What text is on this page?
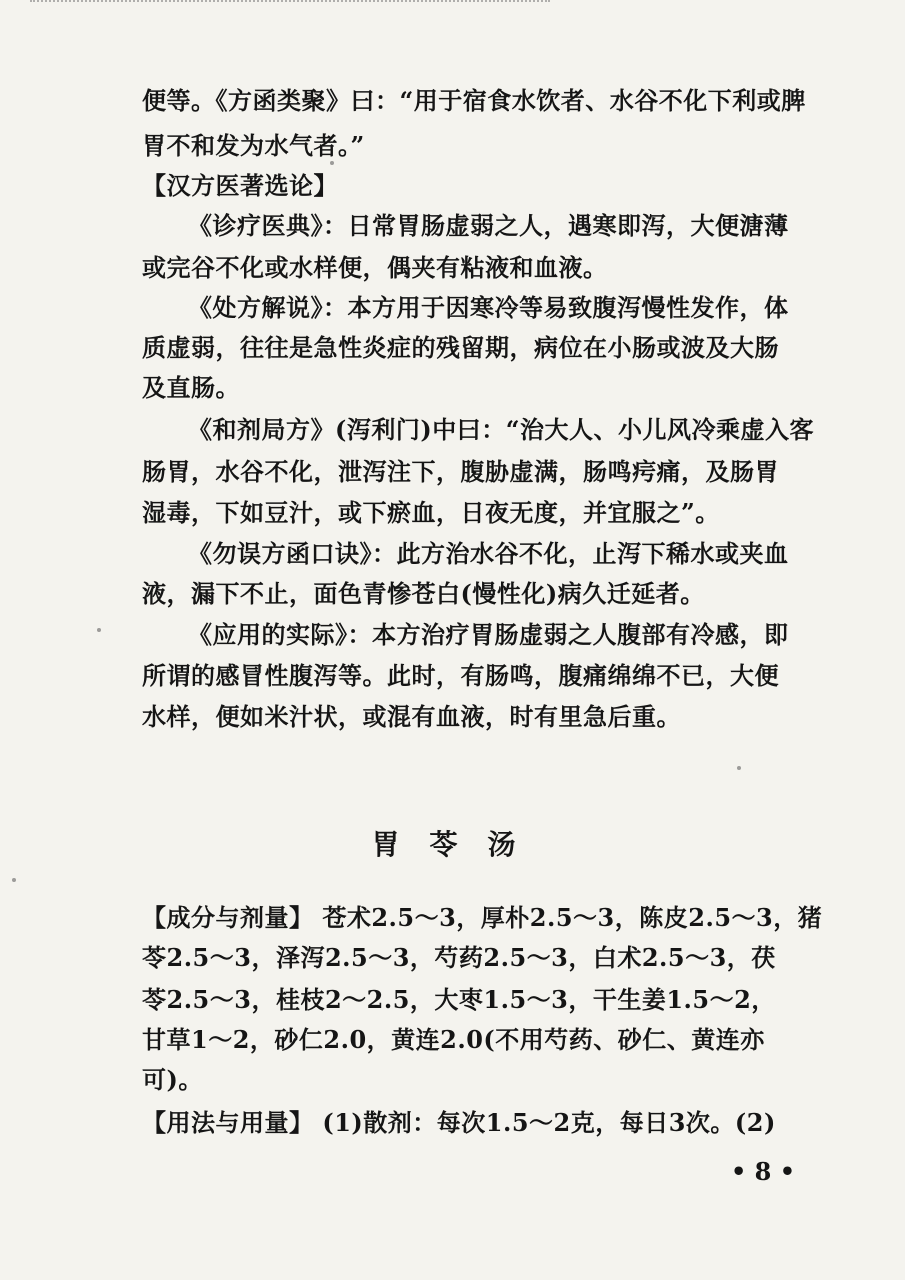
便等。《方函类聚》曰：“用于宿食水饮者、水谷不化下利或脾
胃不和发为水气者。”
【汉方医著选论】
《诊疗医典》：日常胃肠虚弱之人，遇寒即泻，大便溏薄
或完谷不化或水样便，偶夹有粘液和血液。
《处方解说》：本方用于因寒冷等易致腹泻慢性发作，体
质虚弱，往往是急性炎症的残留期，病位在小肠或波及大肠
及直肠。
《和剂局方》(泻利门)中曰：“治大人、小儿风冷乘虚入客
肠胃，水谷不化，泄泻注下，腹胁虚满，肠鸣疞痛，及肠胃
湿毒，下如豆汁，或下瘀血，日夜无度，并宜服之”。
《勿误方函口诀》：此方治水谷不化，止泻下稀水或夹血
液，漏下不止，面色青惨苍白(慢性化)病久迁延者。
《应用的实际》：本方治疗胃肠虚弱之人腹部有冷感，即
所谓的感冒性腹泻等。此时，有肠鸣，腹痛绵绵不已，大便
水样，便如米汁状，或混有血液，时有里急后重。
胃苓汤
【成分与剂量】 苍术2.5～3，厚朴2.5～3，陈皮2.5～3，猪
苓2.5～3，泽泻2.5～3，芍药2.5～3，白术2.5～3，茯
苓2.5～3，桂枝2～2.5，大枣1.5～3，干生姜1.5～2，
甘草1～2，砂仁2.0，黄连2.0(不用芍药、砂仁、黄连亦
可)。
【用法与用量】 (1)散剂：每次1.5～2克，每日3次。(2)
• 8 •
